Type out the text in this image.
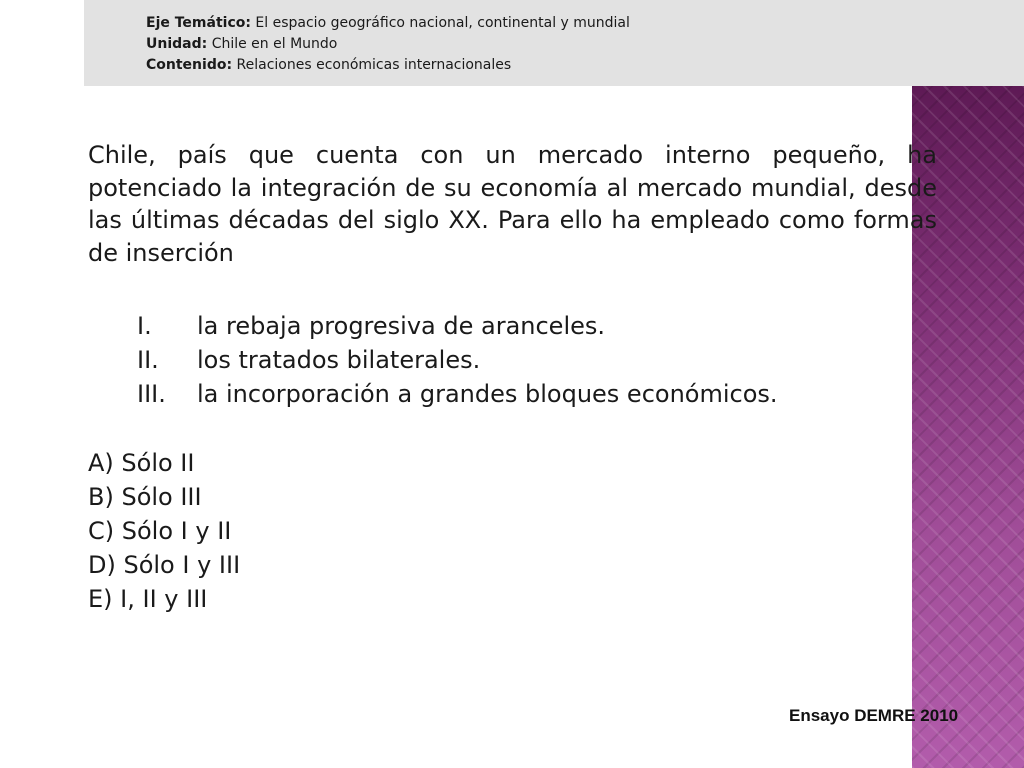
Eje Temático: El espacio geográfico nacional, continental y mundial
Unidad: Chile en el Mundo
Contenido: Relaciones económicas internacionales

Chile, país que cuenta con un mercado interno pequeño, ha potenciado la integración de su economía al mercado mundial, desde las últimas décadas del siglo XX. Para ello ha empleado como formas de inserción

I. la rebaja progresiva de aranceles.
II. los tratados bilaterales.
III. la incorporación a grandes bloques económicos.
A) Sólo II
B) Sólo III
C) Sólo I y II
D) Sólo I y III
E) I, II y III
Ensayo DEMRE 2010
